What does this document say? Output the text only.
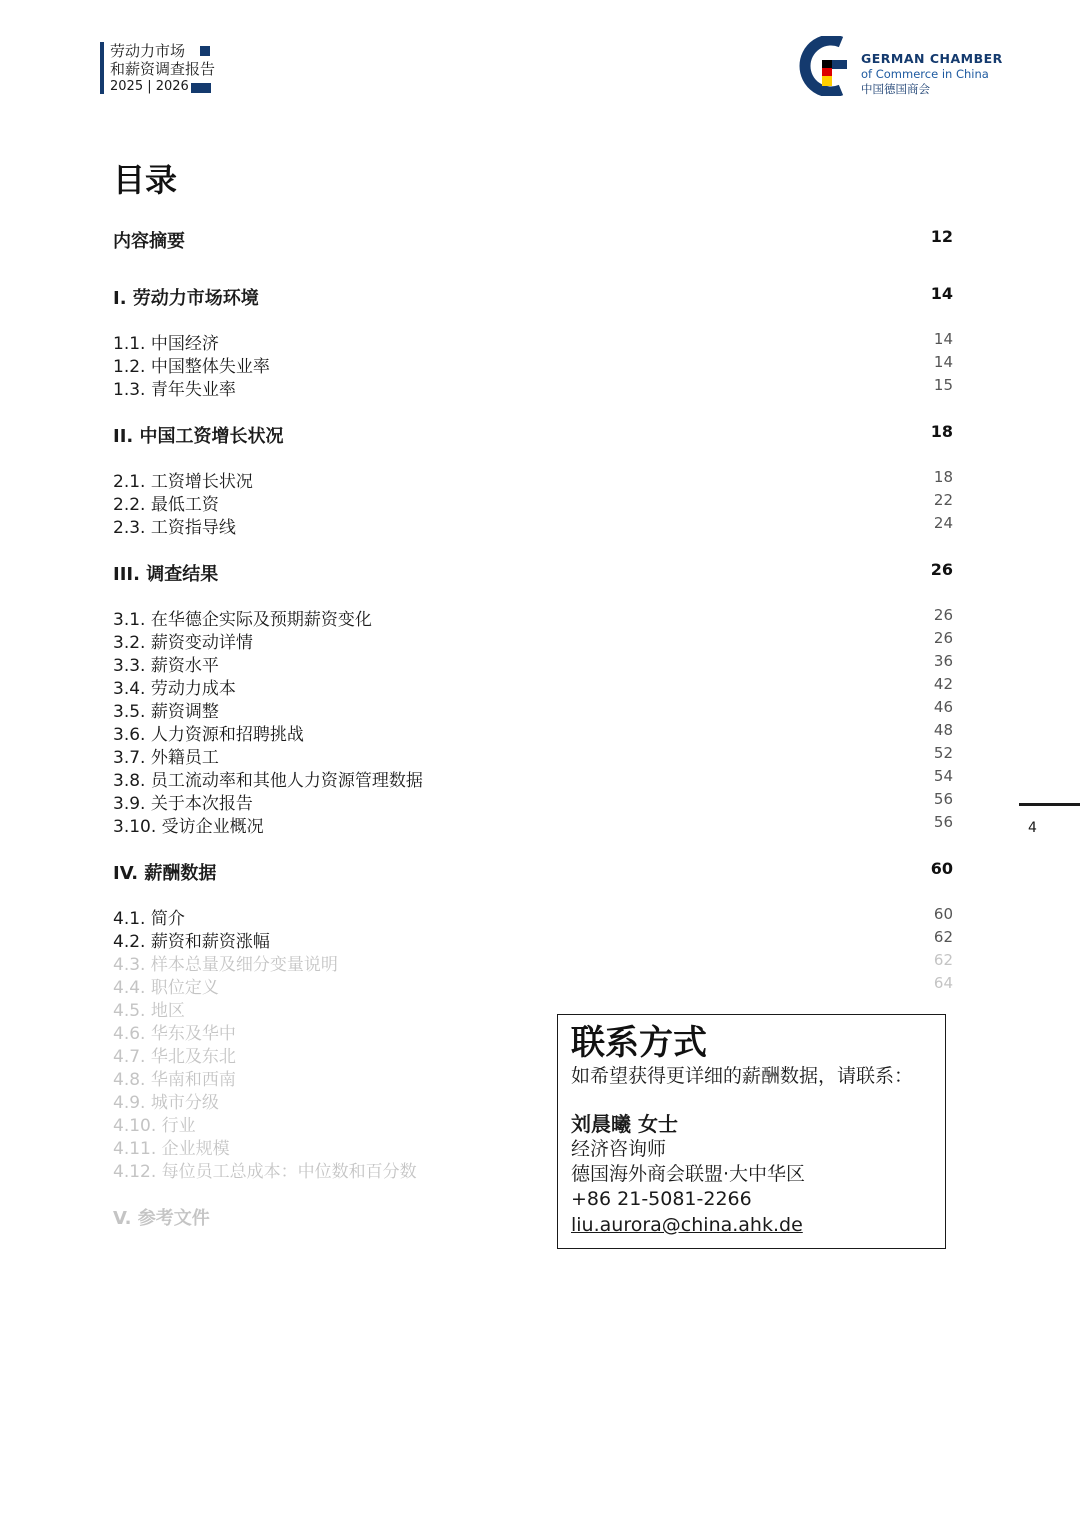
劳动力市场
和薪资调查报告
2025 | 2026
GERMAN CHAMBER
of Commerce in China
中国德国商会
目录
内容摘要	12
I. 劳动力市场环境	14
1.1. 中国经济	14
1.2. 中国整体失业率	14
1.3. 青年失业率	15
II. 中国工资增长状况	18
2.1. 工资增长状况	18
2.2. 最低工资	22
2.3. 工资指导线	24
III. 调查结果	26
3.1. 在华德企实际及预期薪资变化	26
3.2. 薪资变动详情	26
3.3. 薪资水平	36
3.4. 劳动力成本	42
3.5. 薪资调整	46
3.6. 人力资源和招聘挑战	48
3.7. 外籍员工	52
3.8. 员工流动率和其他人力资源管理数据	54
3.9. 关于本次报告	56
3.10. 受访企业概况	56
IV. 薪酬数据	60
4.1. 简介	60
4.2. 薪资和薪资涨幅	62
4.3. 样本总量及细分变量说明	62
4.4. 职位定义	64
4.5. 地区
4.6. 华东及华中
4.7. 华北及东北
4.8. 华南和西南
4.9. 城市分级
4.10. 行业
4.11. 企业规模
4.12. 每位员工总成本：中位数和百分数
V. 参考文件
4
联系方式
如希望获得更详细的薪酬数据，请联系：
刘晨曦 女士
经济咨询师
德国海外商会联盟·大中华区
+86 21-5081-2266
liu.aurora@china.ahk.de
